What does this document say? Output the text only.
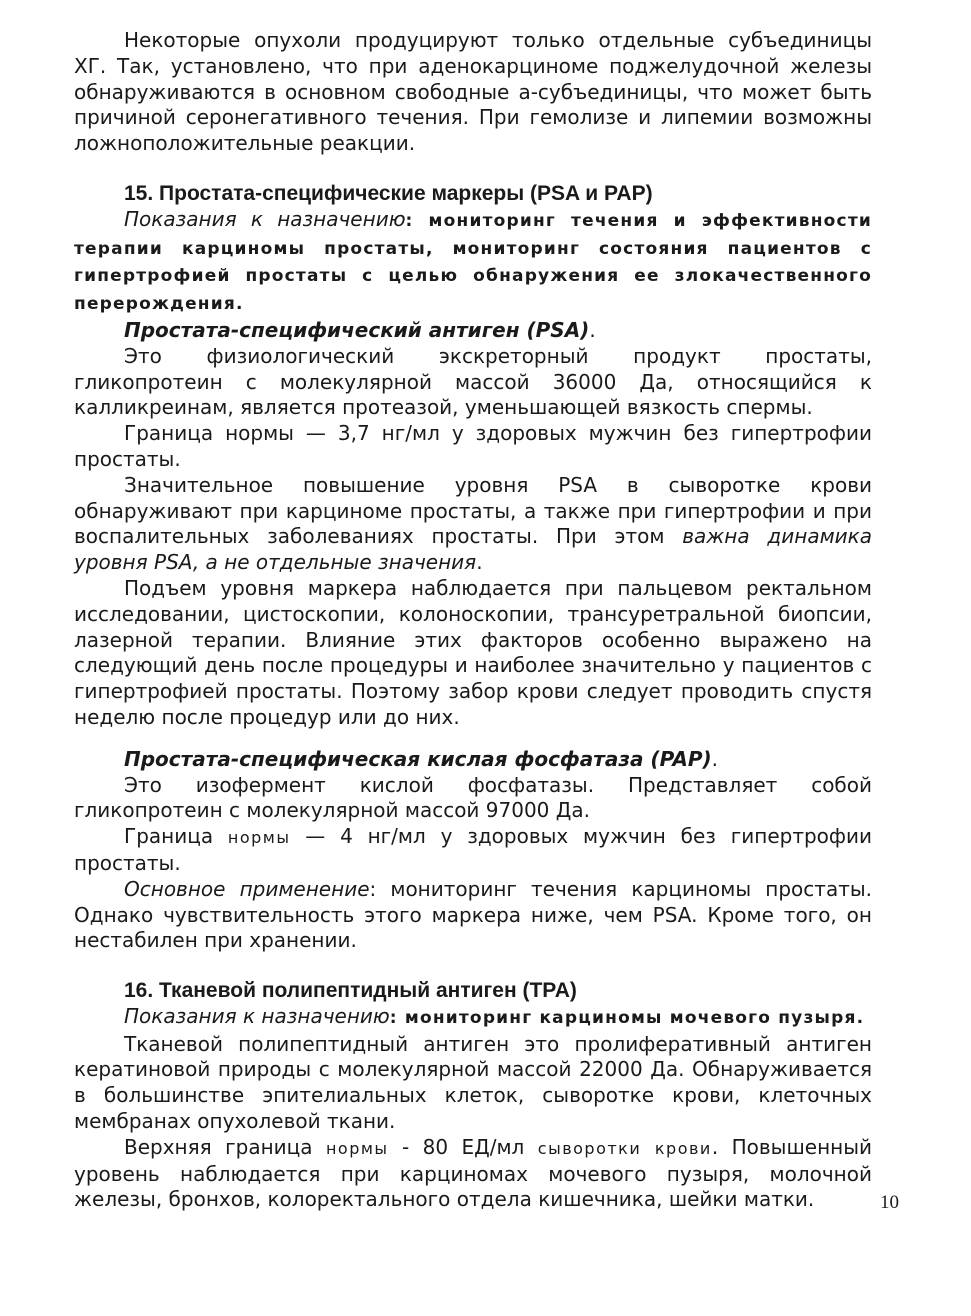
Некоторые опухоли продуцируют только отдельные субъединицы ХГ. Так, установлено, что при аденокарциноме поджелудочной железы обнаруживаются в основном свободные а-субъединицы, что может быть причиной серонегативного течения. При гемолизе и липемии возможны ложноположительные реакции.

15. Простата-специфические маркеры (PSA и PAP)

Показания к назначению: мониторинг течения и эффективности терапии карциномы простаты, мониторинг состояния пациентов с гипертрофией простаты с целью обнаружения ее злокачественного перерождения.

Простата-специфический антиген (PSA).

Это физиологический экскреторный продукт простаты, гликопротеин с молекулярной массой 36000 Да, относящийся к калликреинам, является протеазой, уменьшающей вязкость спермы.

Граница нормы — 3,7 нг/мл у здоровых мужчин без гипертрофии простаты.

Значительное повышение уровня PSA в сыворотке крови обнаруживают при карциноме простаты, а также при гипертрофии и при воспалительных заболеваниях простаты. При этом важна динамика уровня PSA, а не отдельные значения.

Подъем уровня маркера наблюдается при пальцевом ректальном исследовании, цистоскопии, колоноскопии, трансуретральной биопсии, лазерной терапии. Влияние этих факторов особенно выражено на следующий день после процедуры и наиболее значительно у пациентов с гипертрофией простаты. Поэтому забор крови следует проводить спустя неделю после процедур или до них.

Простата-специфическая кислая фосфатаза (PAP).

Это изофермент кислой фосфатазы. Представляет собой гликопротеин с молекулярной массой 97000 Да.

Граница нормы — 4 нг/мл у здоровых мужчин без гипертрофии простаты.

Основное применение: мониторинг течения карциномы простаты. Однако чувствительность этого маркера ниже, чем PSA. Кроме того, он нестабилен при хранении.

16. Тканевой полипептидный антиген (TPA)

Показания к назначению: мониторинг карциномы мочевого пузыря.

Тканевой полипептидный антиген это пролиферативный антиген кератиновой природы с молекулярной массой 22000 Да. Обнаруживается в большинстве эпителиальных клеток, сыворотке крови, клеточных мембранах опухолевой ткани.

Верхняя граница нормы - 80 ЕД/мл сыворотки крови. Повышенный уровень наблюдается при карциномах мочевого пузыря, молочной железы, бронхов, колоректального отдела кишечника, шейки матки.	10
